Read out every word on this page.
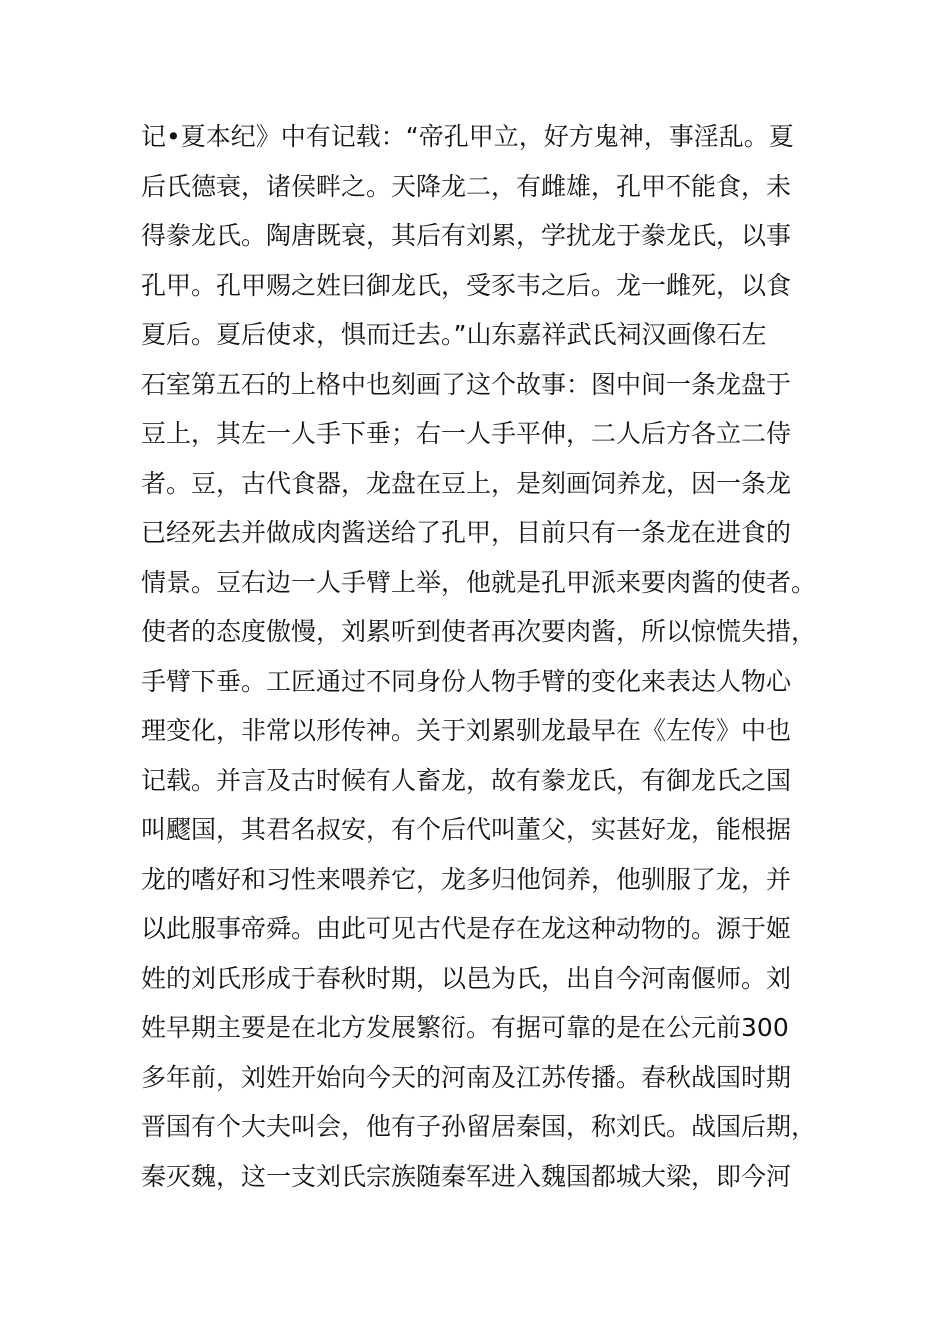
记•夏本纪》中有记载：“帝孔甲立，好方鬼神，事淫乱。夏
后氏德衰，诸侯畔之。天降龙二，有雌雄，孔甲不能食，未
得豢龙氏。陶唐既衰，其后有刘累，学扰龙于豢龙氏，以事
孔甲。孔甲赐之姓曰御龙氏，受豕韦之后。龙一雌死，以食
夏后。夏后使求，惧而迁去。”山东嘉祥武氏祠汉画像石左
石室第五石的上格中也刻画了这个故事：图中间一条龙盘于
豆上，其左一人手下垂；右一人手平伸，二人后方各立二侍
者。豆，古代食器，龙盘在豆上，是刻画饲养龙，因一条龙
已经死去并做成肉酱送给了孔甲，目前只有一条龙在进食的
情景。豆右边一人手臂上举，他就是孔甲派来要肉酱的使者。
使者的态度傲慢，刘累听到使者再次要肉酱，所以惊慌失措，
手臂下垂。工匠通过不同身份人物手臂的变化来表达人物心
理变化，非常以形传神。关于刘累驯龙最早在《左传》中也
记载。并言及古时候有人畜龙，故有豢龙氏，有御龙氏之国
叫飂国，其君名叔安，有个后代叫董父，实甚好龙，能根据
龙的嗜好和习性来喂养它，龙多归他饲养，他驯服了龙，并
以此服事帝舜。由此可见古代是存在龙这种动物的。源于姬
姓的刘氏形成于春秋时期，以邑为氏，出自今河南偃师。刘
姓早期主要是在北方发展繁衍。有据可靠的是在公元前300
多年前，刘姓开始向今天的河南及江苏传播。春秋战国时期
晋国有个大夫叫会，他有子孙留居秦国，称刘氏。战国后期，
秦灭魏，这一支刘氏宗族随秦军进入魏国都城大梁，即今河
